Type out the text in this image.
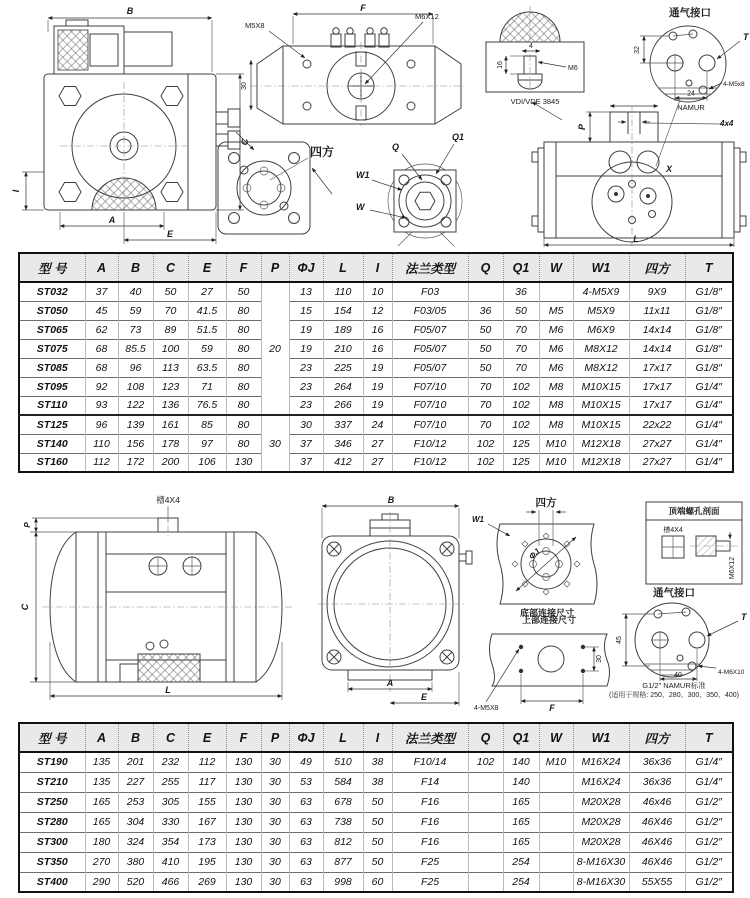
B
C
I
A
E
F
M5X8
M6X12
30
四方	Q
Q1
W1
W
4
16	M6
VDI/VDE 3845
通气接口
32
24
NAMUR
T
4-M5x8
4x4
P
X
L
型 号	A	B	C	E	F	P	ΦJ	L	I	法兰类型	Q	Q1	W	W1	四方	T
ST032	37	40	50	27	50	20	13	110	10	F03		36		4-M5X9	9X9	G1/8″
ST050	45	59	70	41.5	80		15	154	12	F03/05	36	50	M5	M5X9	11x11	G1/8″
ST065	62	73	89	51.5	80		19	189	16	F05/07	50	70	M6	M6X9	14x14	G1/8″
ST075	68	85.5	100	59	80		19	210	16	F05/07	50	70	M6	M8X12	14x14	G1/8″
ST085	68	96	113	63.5	80		23	225	19	F05/07	50	70	M6	M8X12	17x17	G1/8″
ST095	92	108	123	71	80		23	264	19	F07/10	70	102	M8	M10X15	17x17	G1/4″
ST110	93	122	136	76.5	80		23	266	19	F07/10	70	102	M8	M10X15	17x17	G1/4″
ST125	96	139	161	85	80	30	30	337	24	F07/10	70	102	M8	M10X15	22x22	G1/4″
ST140	110	156	178	97	80		37	346	27	F10/12	102	125	M10	M12X18	27x27	G1/4″
ST160	112	172	200	106	130		37	412	27	F10/12	102	125	M10	M12X18	27x27	G1/4″
槽4X4
P
C
L
B
A
E
四方
W1
ΦJ
底部连接尺寸
上部连接尺寸
30
4-M5X8	F
顶端螺孔剖面
槽4X4
M6X12
通气接口
45
40
T
4-M6X10
G1/2″ NAMUR标准
(适用于规格: 250、280、300、350、400)
型 号	A	B	C	E	F	P	ΦJ	L	I	法兰类型	Q	Q1	W	W1	四方	T
ST190	135	201	232	112	130	30	49	510	38	F10/14	102	140	M10	M16X24	36x36	G1/4″
ST210	135	227	255	117	130	30	53	584	38	F14		140		M16X24	36x36	G1/4″
ST250	165	253	305	155	130	30	63	678	50	F16		165		M20X28	46x46	G1/2″
ST280	165	304	330	167	130	30	63	738	50	F16		165		M20X28	46X46	G1/2″
ST300	180	324	354	173	130	30	63	812	50	F16		165		M20X28	46X46	G1/2″
ST350	270	380	410	195	130	30	63	877	50	F25		254		8-M16X30	46X46	G1/2″
ST400	290	520	466	269	130	30	63	998	60	F25		254		8-M16X30	55X55	G1/2″
